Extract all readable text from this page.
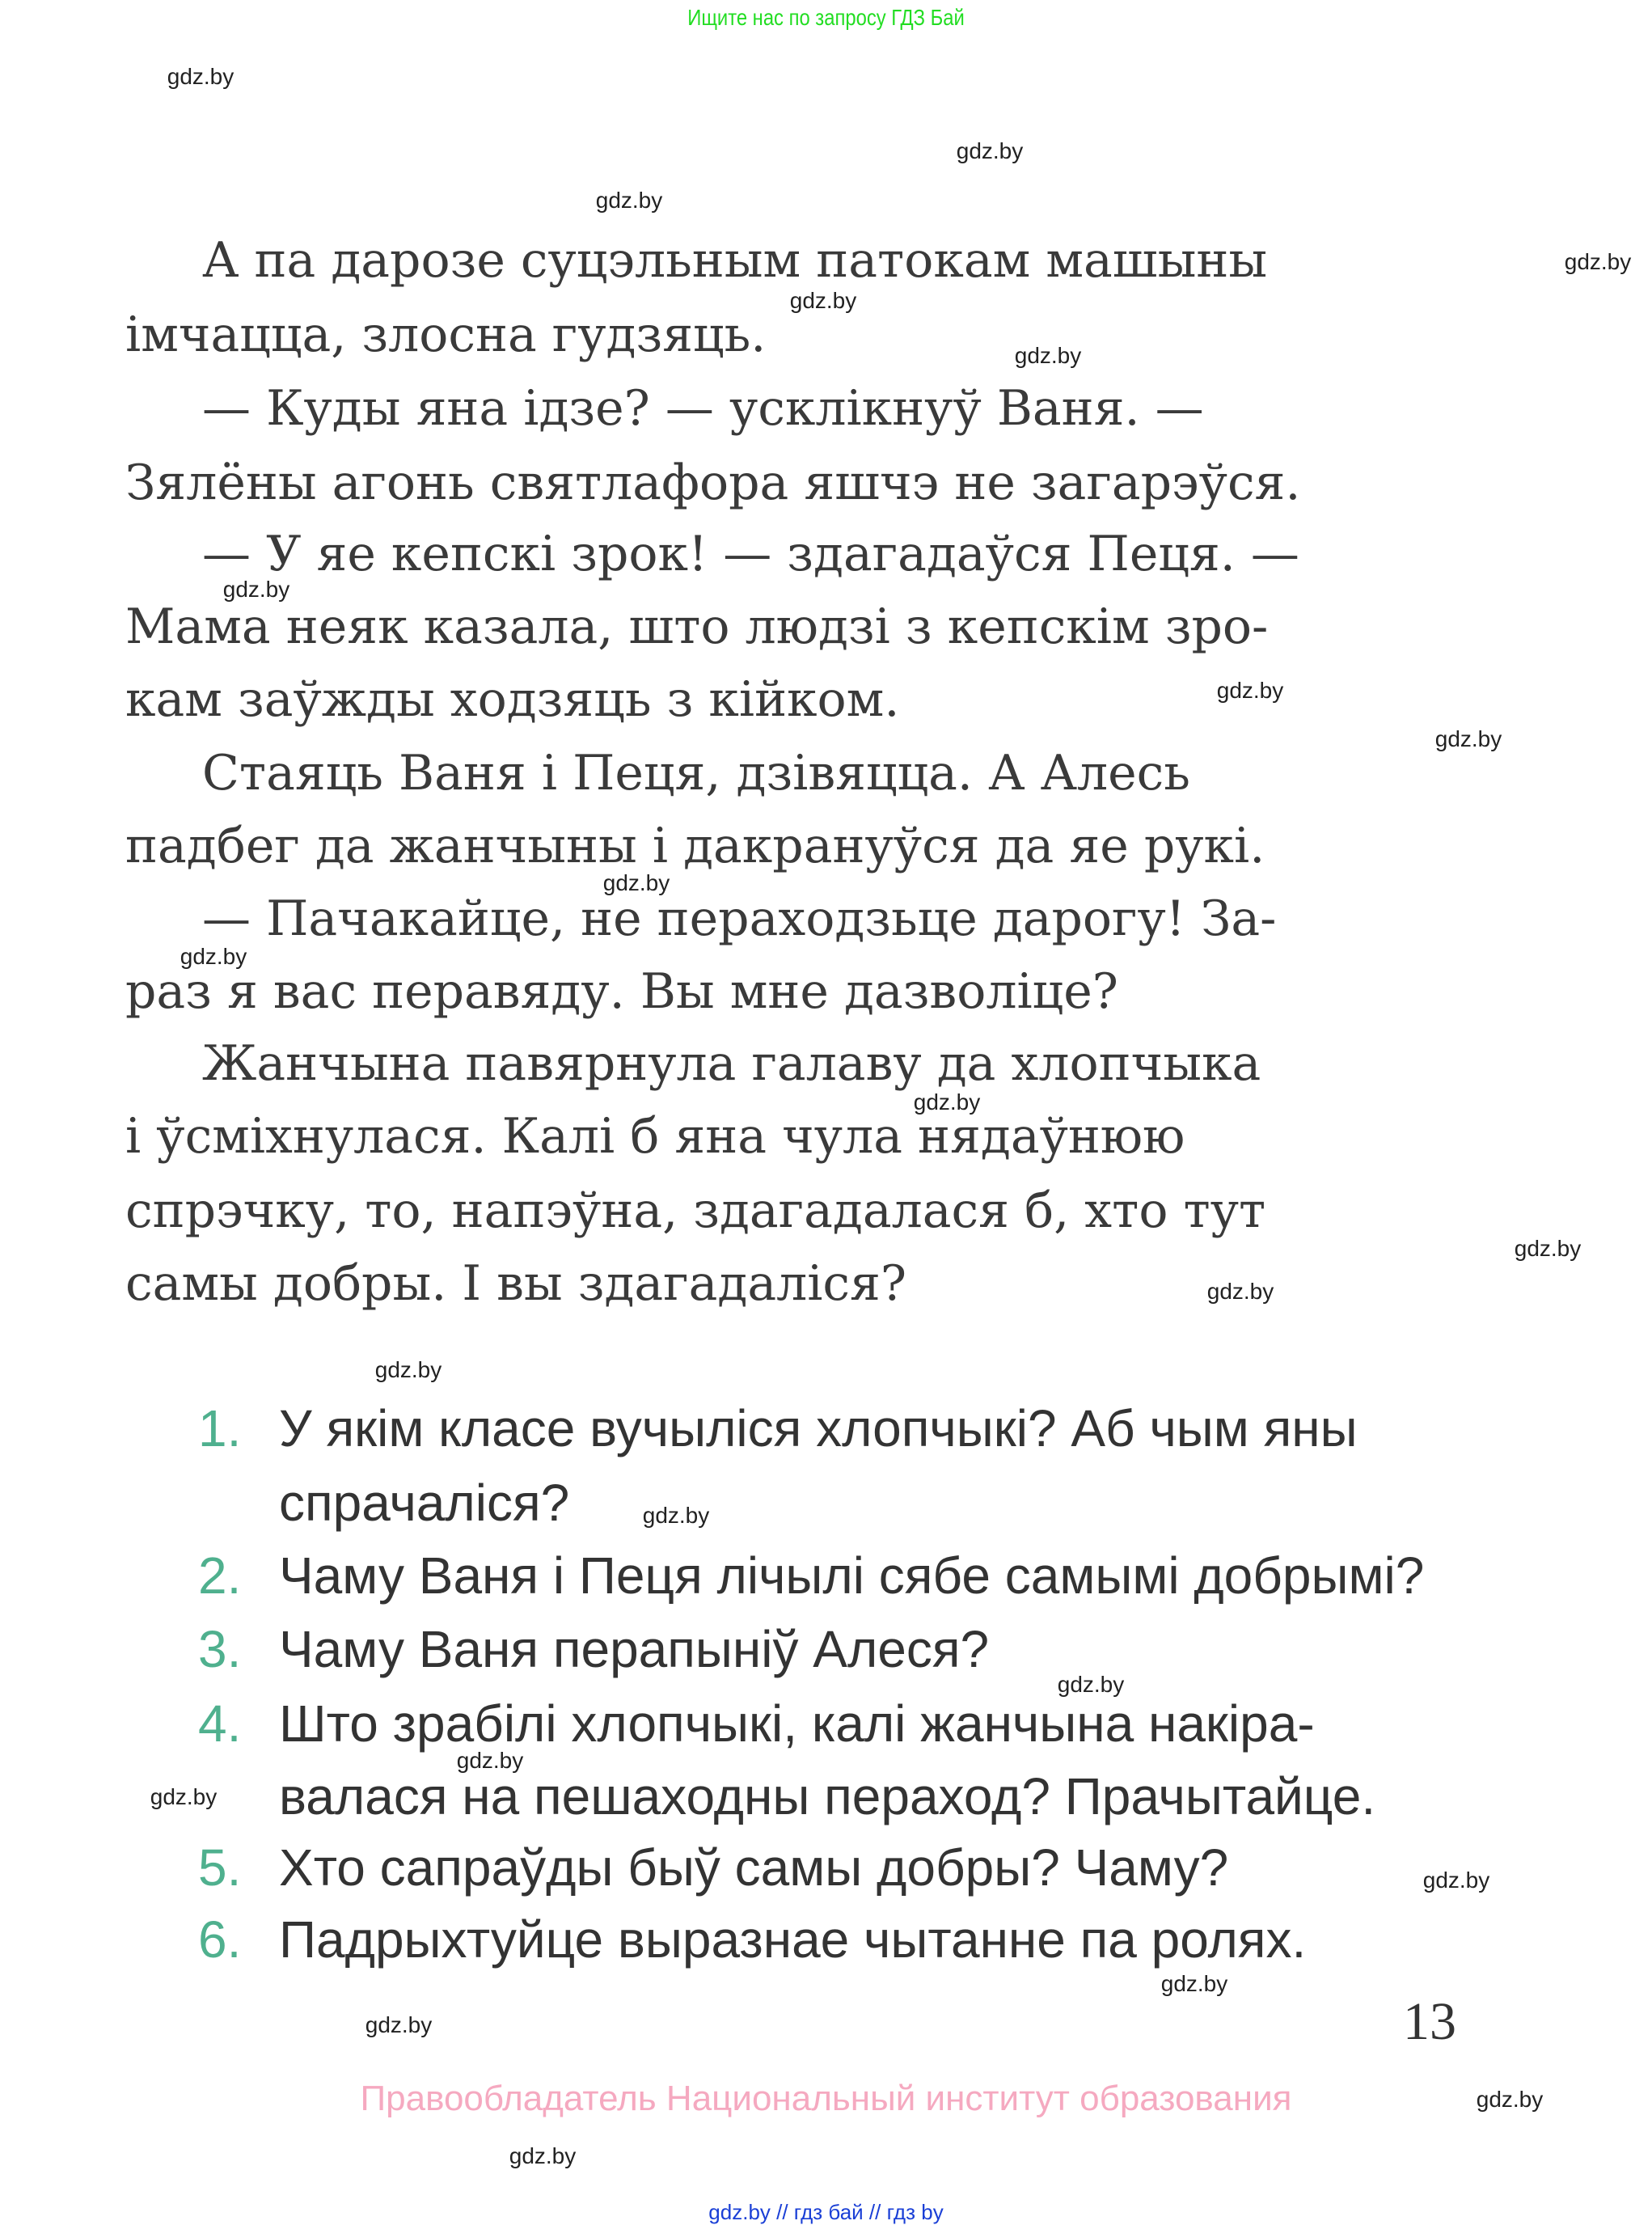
Ищите нас по запросу ГДЗ Бай
А па дарозе суцэльным патокам машыны
імчацца, злосна гудзяць.
— Куды яна ідзе? — усклікнуў Ваня. —
Зялёны агонь святлафора яшчэ не загарэўся.
— У яе кепскі зрок! — здагадаўся Пеця. —
Мама неяк казала, што людзі з кепскім зро-
кам заўжды ходзяць з кійком.
Стаяць Ваня і Пеця, дзівяцца. А Алесь
падбег да жанчыны і дакрануўся да яе рукі.
— Пачакайце, не пераходзьце дарогу! За-
раз я вас перавяду. Вы мне дазволіце?
Жанчына павярнула галаву да хлопчыка
і ўсміхнулася. Калі б яна чула нядаўнюю
спрэчку, то, напэўна, здагадалася б, хто тут
самы добры. І вы здагадаліся?
1. У якім класе вучыліся хлопчыкі? Аб чым яны
спрачаліся?
2. Чаму Ваня і Пеця лічылі сябе самымі добрымі?
3. Чаму Ваня перапыніў Алеся?
4. Што зрабілі хлопчыкі, калі жанчына накіра-
валася на пешаходны пераход? Прачытайце.
5. Хто сапраўды быў самы добры? Чаму?
6. Падрыхтуйце выразнае чытанне па ролях.
13
Правообладатель Национальный институт образования
gdz.by // гдз бай // гдз by
gdz.by
gdz.by
gdz.by
gdz.by
gdz.by
gdz.by
gdz.by
gdz.by
gdz.by
gdz.by
gdz.by
gdz.by
gdz.by
gdz.by
gdz.by
gdz.by
gdz.by
gdz.by
gdz.by
gdz.by
gdz.by
gdz.by
gdz.by
gdz.by
